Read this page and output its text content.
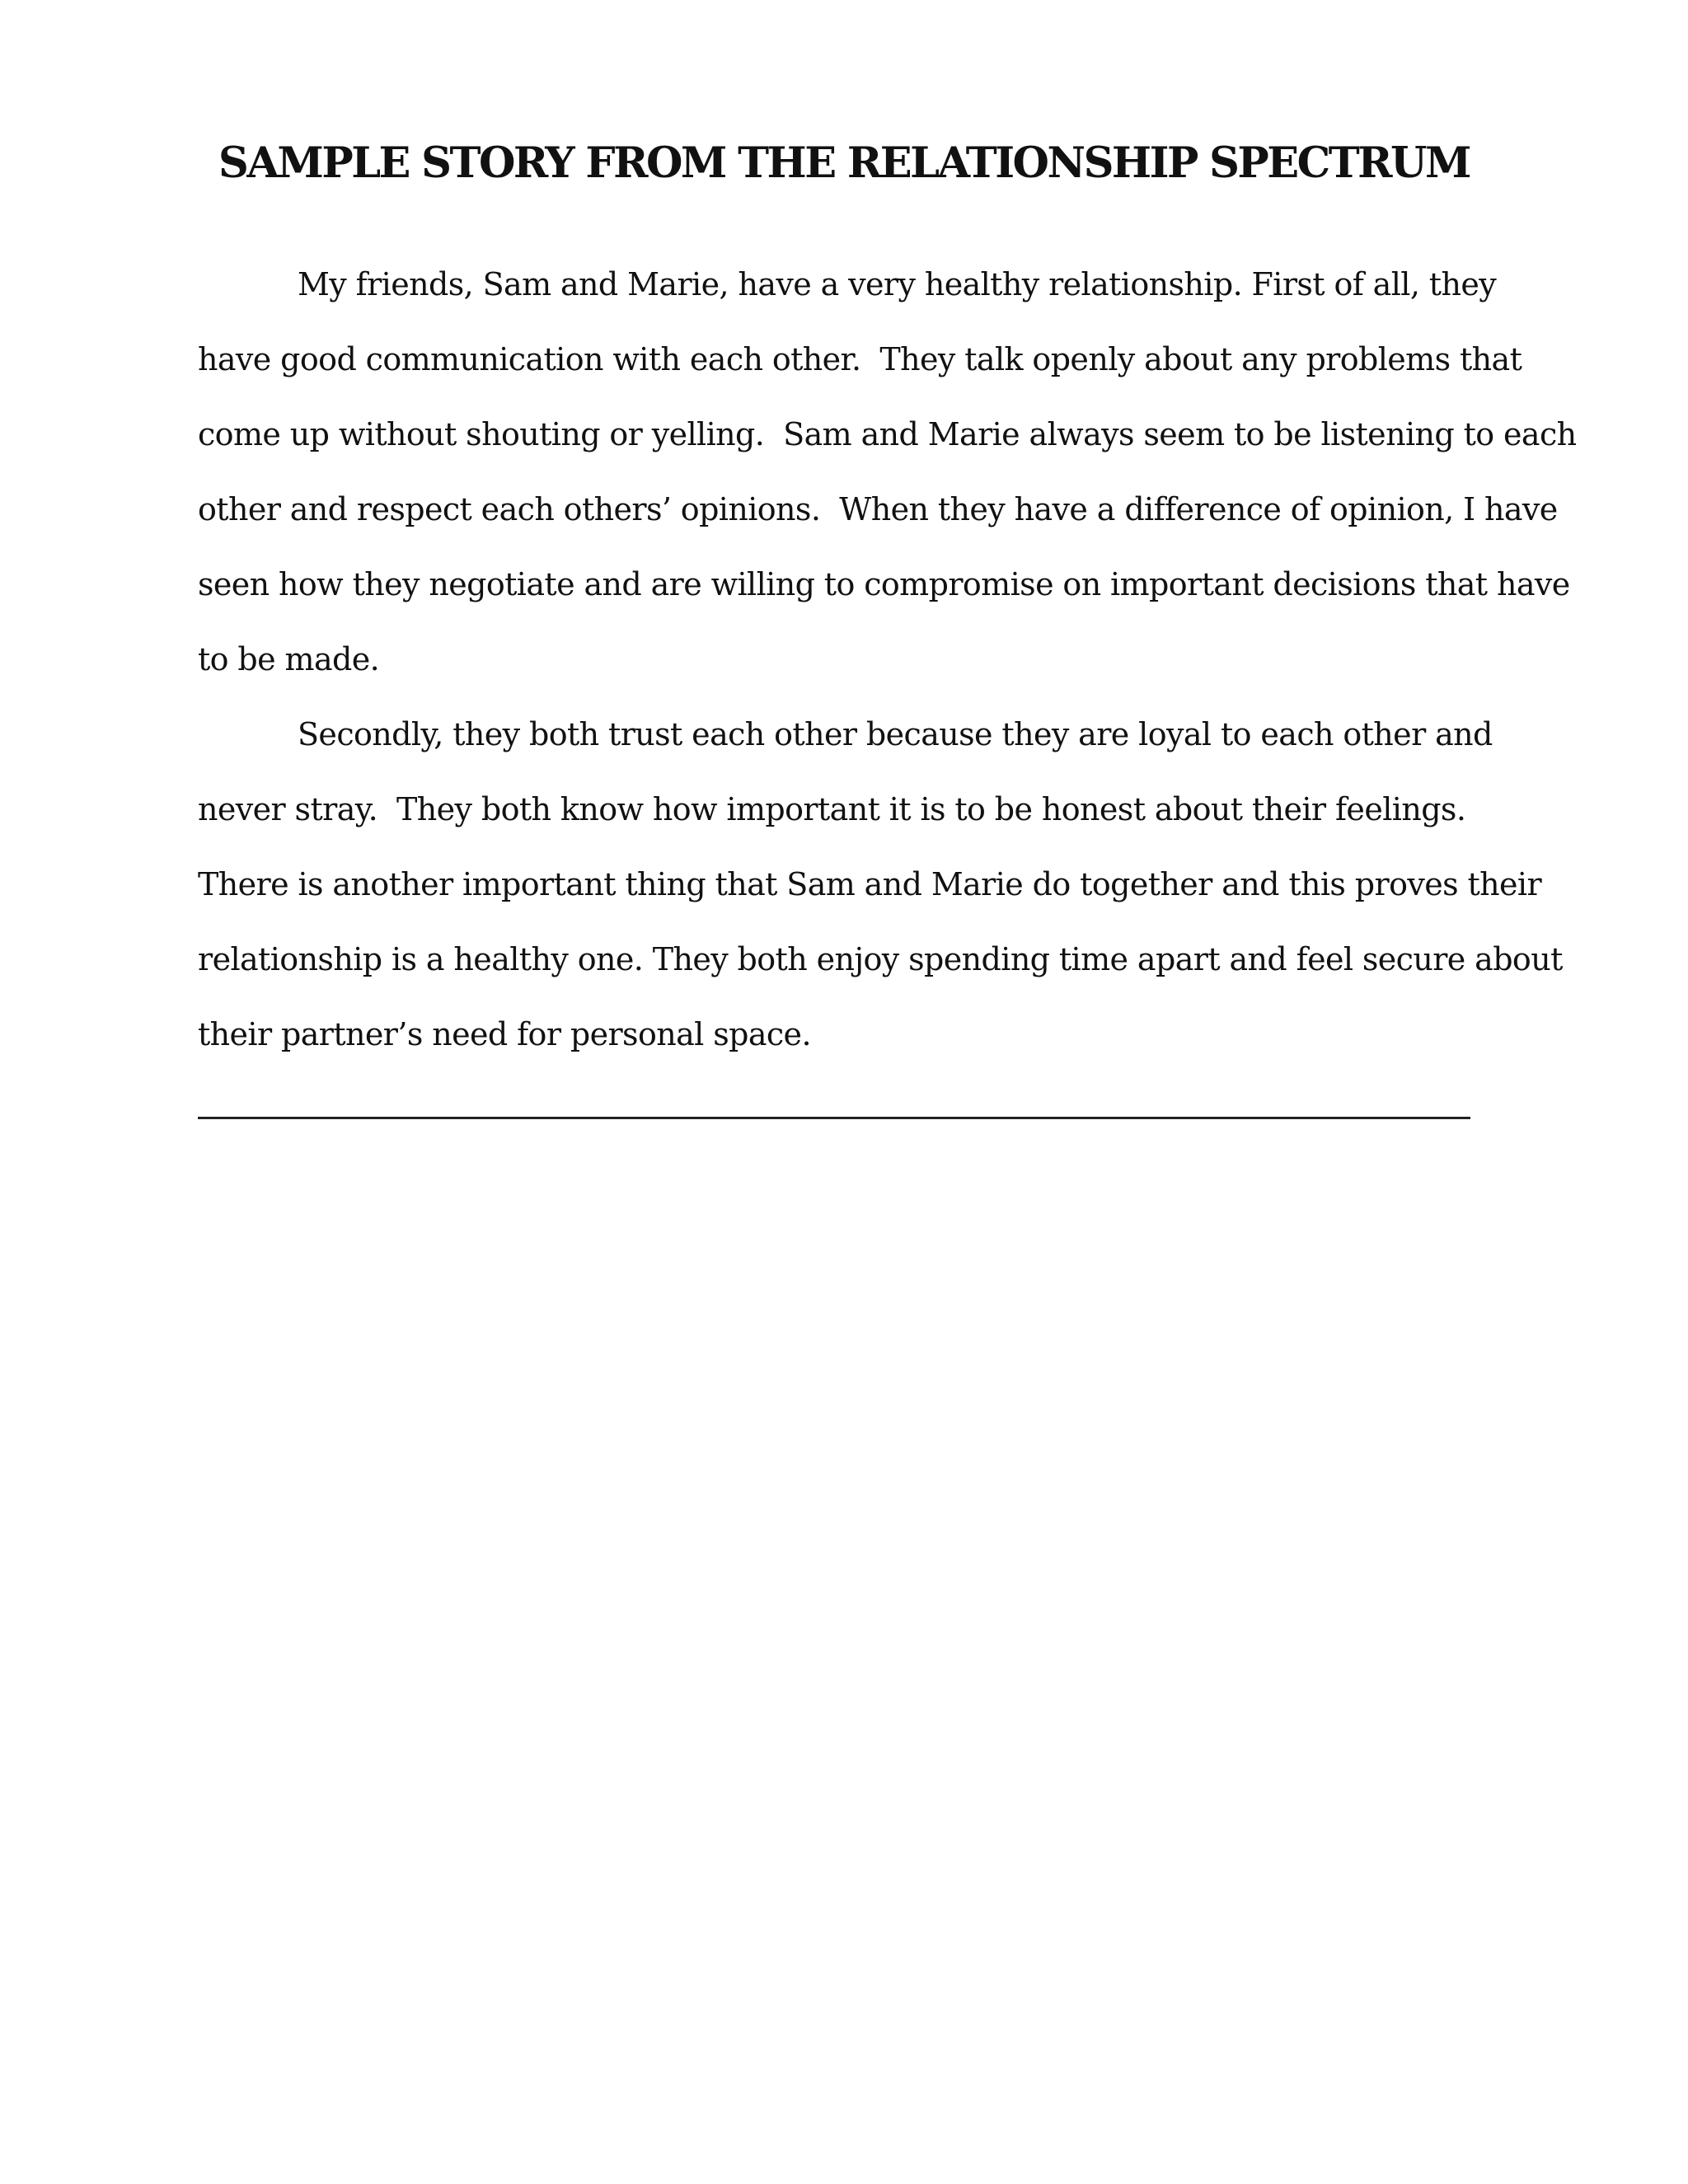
SAMPLE STORY FROM THE RELATIONSHIP SPECTRUM
My friends, Sam and Marie, have a very healthy relationship. First of all, they
have good communication with each other.  They talk openly about any problems that
come up without shouting or yelling.  Sam and Marie always seem to be listening to each
other and respect each others’ opinions.  When they have a difference of opinion, I have
seen how they negotiate and are willing to compromise on important decisions that have
to be made.
Secondly, they both trust each other because they are loyal to each other and
never stray.  They both know how important it is to be honest about their feelings.
There is another important thing that Sam and Marie do together and this proves their
relationship is a healthy one. They both enjoy spending time apart and feel secure about
their partner’s need for personal space.
